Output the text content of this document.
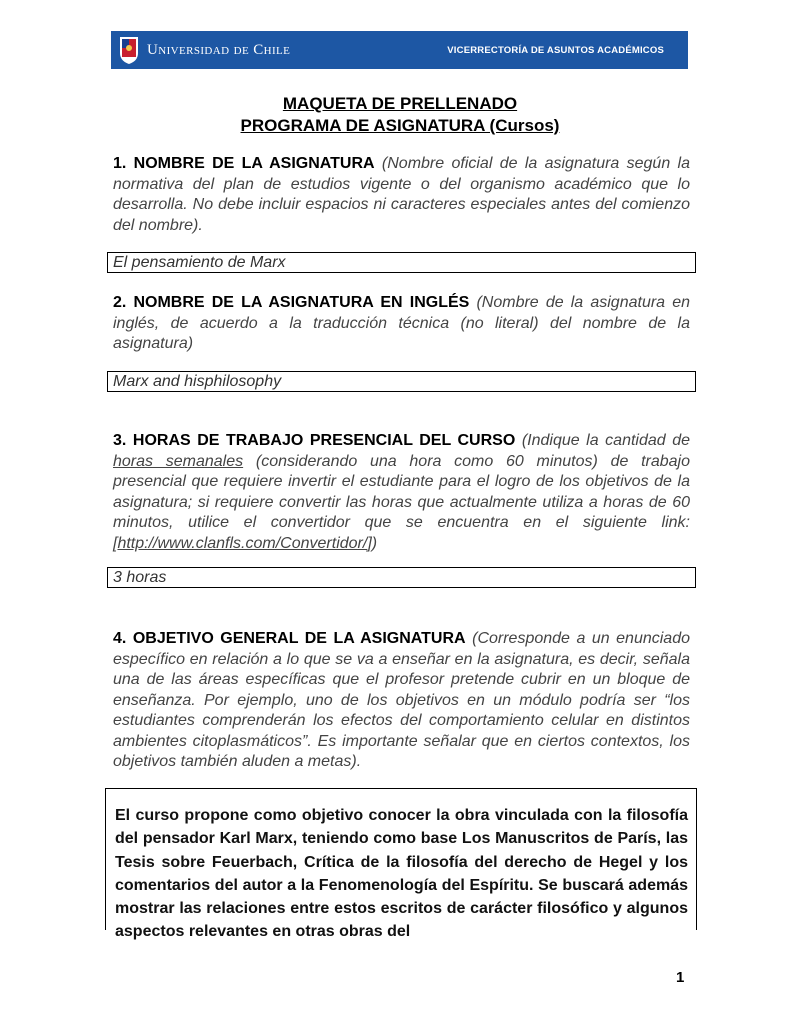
Universidad de Chile	VICERRECTORÍA DE ASUNTOS ACADÉMICOS
MAQUETA DE PRELLENADO
PROGRAMA DE ASIGNATURA (Cursos)
1. NOMBRE DE LA ASIGNATURA (Nombre oficial de la asignatura según la normativa del plan de estudios vigente o del organismo académico que lo desarrolla. No debe incluir espacios ni caracteres especiales antes del comienzo del nombre).
El pensamiento de Marx
2. NOMBRE DE LA ASIGNATURA EN INGLÉS (Nombre de la asignatura en inglés, de acuerdo a la traducción técnica (no literal) del nombre de la asignatura)
Marx and hisphilosophy
3. HORAS DE TRABAJO PRESENCIAL DEL CURSO (Indique la cantidad de horas semanales (considerando una hora como 60 minutos) de trabajo presencial que requiere invertir el estudiante para el logro de los objetivos de la asignatura; si requiere convertir las horas que actualmente utiliza a horas de 60 minutos, utilice el convertidor que se encuentra en el siguiente link: [http://www.clanfls.com/Convertidor/])
3 horas
4. OBJETIVO GENERAL DE LA ASIGNATURA (Corresponde a un enunciado específico en relación a lo que se va a enseñar en la asignatura, es decir, señala una de las áreas específicas que el profesor pretende cubrir en un bloque de enseñanza. Por ejemplo, uno de los objetivos en un módulo podría ser “los estudiantes comprenderán los efectos del comportamiento celular en distintos ambientes citoplasmáticos”. Es importante señalar que en ciertos contextos, los objetivos también aluden a metas).

El curso propone como objetivo conocer la obra vinculada con la filosofía del pensador Karl Marx, teniendo como base Los Manuscritos de París, las Tesis sobre Feuerbach, Crítica de la filosofía del derecho de Hegel y los comentarios del autor a la Fenomenología del Espíritu. Se buscará además mostrar las relaciones entre estos escritos de carácter filosófico y algunos aspectos relevantes en otras obras del

1
